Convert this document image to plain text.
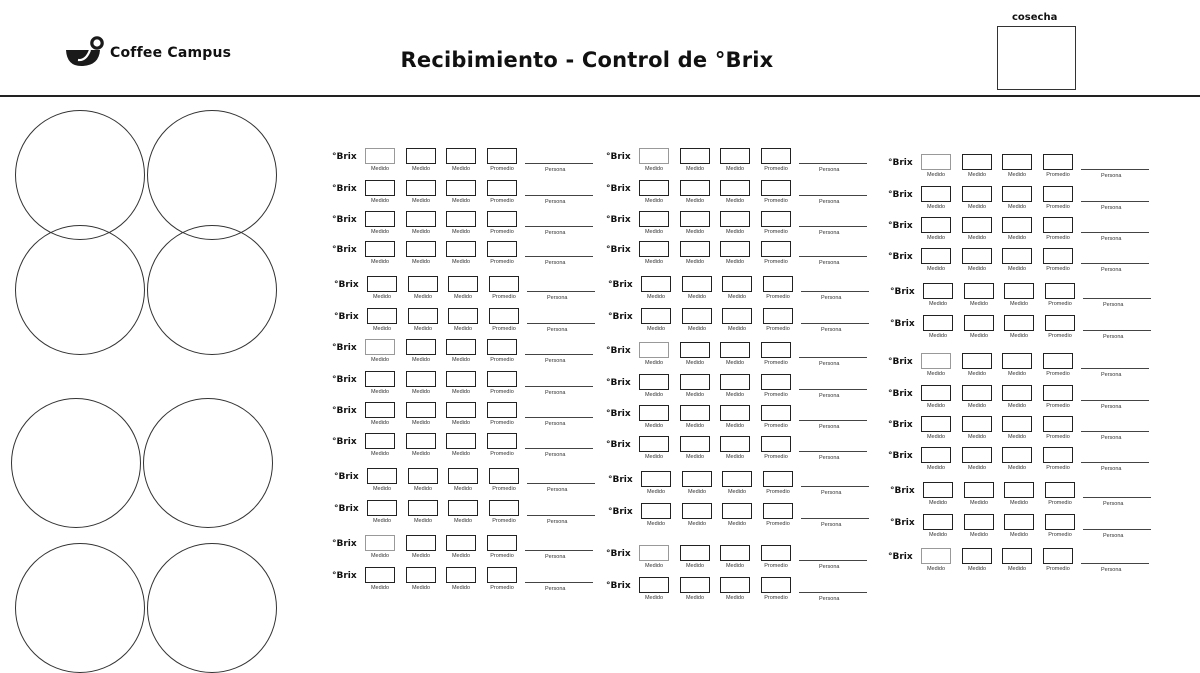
Coffee Campus	Recibimiento - Control de °Brix
cosecha
°Brix
Medido	Medido	Medido	Promedio	Persona
°Brix
Medido	Medido	Medido	Promedio	Persona
°Brix
Medido	Medido	Medido	Promedio	Persona
°Brix
Medido	Medido	Medido	Promedio	Persona
°Brix
Medido	Medido	Medido	Promedio	Persona
°Brix
Medido	Medido	Medido	Promedio	Persona
°Brix
Medido	Medido	Medido	Promedio	Persona
°Brix
Medido	Medido	Medido	Promedio	Persona
°Brix
Medido	Medido	Medido	Promedio	Persona
°Brix
Medido	Medido	Medido	Promedio	Persona
°Brix
Medido	Medido	Medido	Promedio	Persona
°Brix
Medido	Medido	Medido	Promedio	Persona
°Brix
Medido	Medido	Medido	Promedio	Persona
°Brix
Medido	Medido	Medido	Promedio	Persona
°Brix
Medido	Medido	Medido	Promedio	Persona
°Brix
Medido	Medido	Medido	Promedio	Persona
°Brix
Medido	Medido	Medido	Promedio	Persona
°Brix
Medido	Medido	Medido	Promedio	Persona
°Brix
Medido	Medido	Medido	Promedio	Persona
°Brix
Medido	Medido	Medido	Promedio	Persona
°Brix
Medido	Medido	Medido	Promedio	Persona
°Brix
Medido	Medido	Medido	Promedio	Persona
°Brix
Medido	Medido	Medido	Promedio	Persona
°Brix
Medido	Medido	Medido	Promedio	Persona
°Brix
Medido	Medido	Medido	Promedio	Persona
°Brix
Medido	Medido	Medido	Promedio	Persona
°Brix
Medido	Medido	Medido	Promedio	Persona
°Brix
Medido	Medido	Medido	Promedio	Persona
°Brix
Medido	Medido	Medido	Promedio	Persona
°Brix
Medido	Medido	Medido	Promedio	Persona
°Brix
Medido	Medido	Medido	Promedio	Persona
°Brix
Medido	Medido	Medido	Promedio	Persona
°Brix
Medido	Medido	Medido	Promedio	Persona
°Brix
Medido	Medido	Medido	Promedio	Persona
°Brix
Medido	Medido	Medido	Promedio	Persona
°Brix
Medido	Medido	Medido	Promedio	Persona
°Brix
Medido	Medido	Medido	Promedio	Persona
°Brix
Medido	Medido	Medido	Promedio	Persona
°Brix
Medido	Medido	Medido	Promedio	Persona
°Brix
Medido	Medido	Medido	Promedio	Persona
°Brix
Medido	Medido	Medido	Promedio	Persona
